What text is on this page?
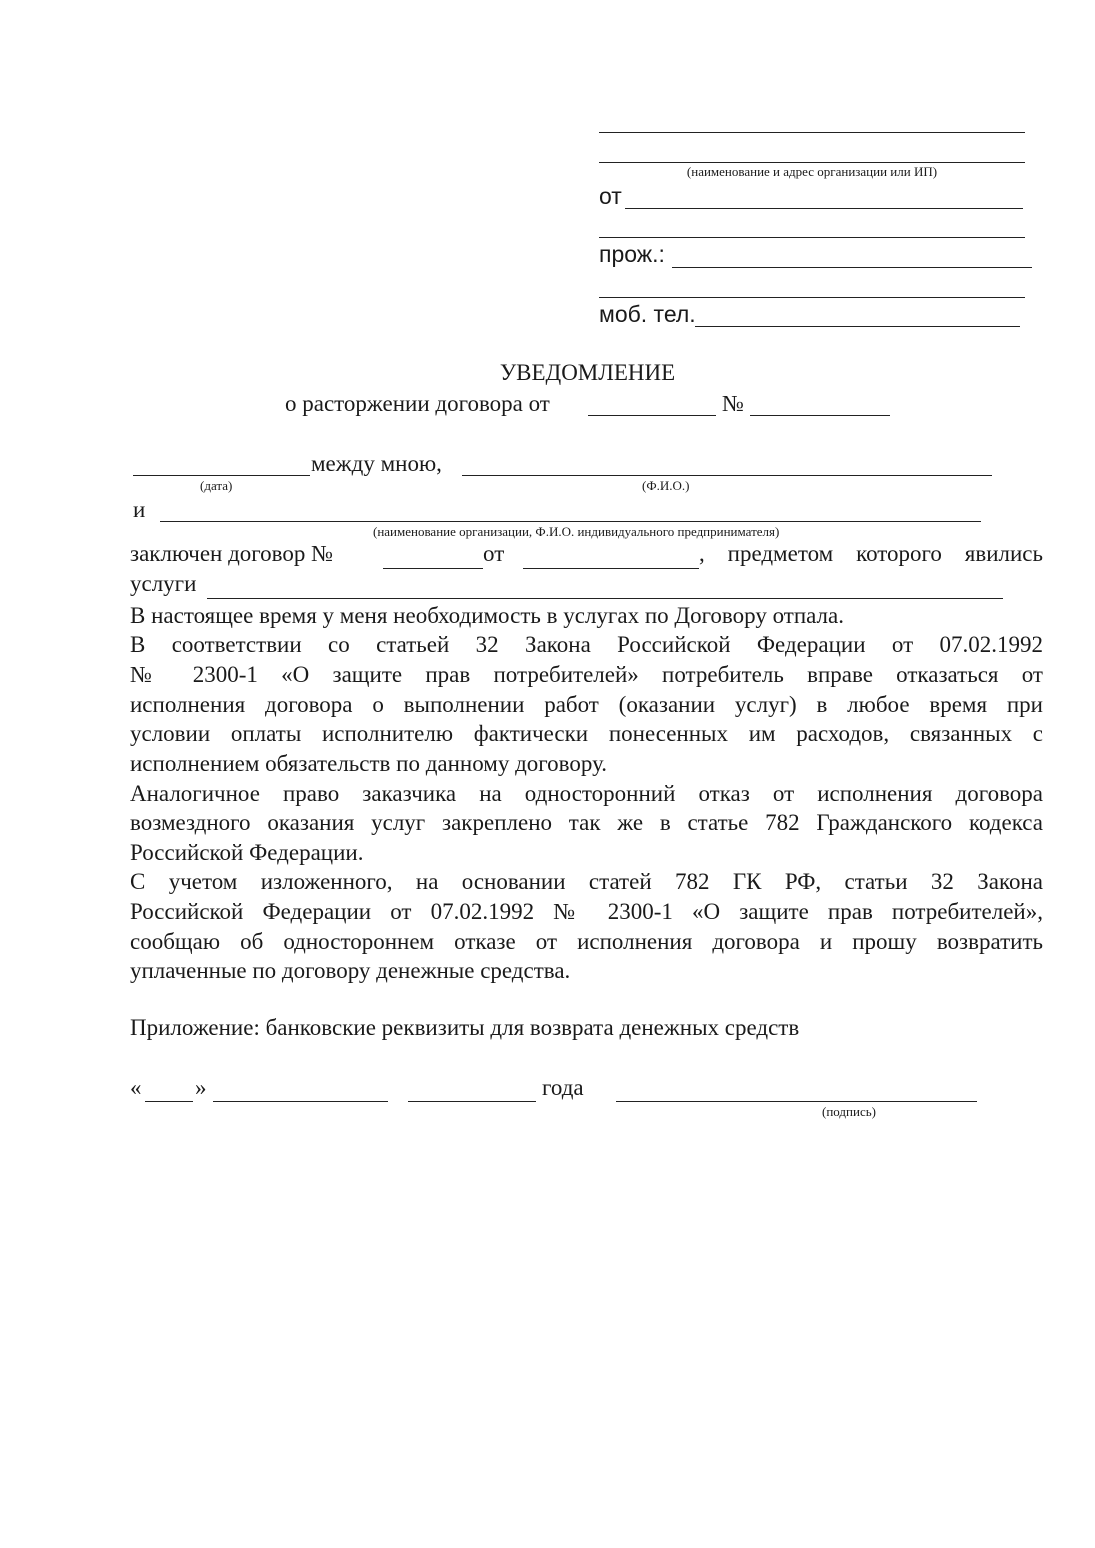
(наименование и адрес организации или ИП)
от
прож.:
моб. тел.
УВЕДОМЛЕНИЕ
о расторжении договора от	№
между мною,
(дата)	(Ф.И.О.)
и
(наименование организации, Ф.И.О. индивидуального предпринимателя)
заключен договор №	от	, предметом которого явились
услуги
В настоящее время у меня необходимость в услугах по Договору отпала.
В соответствии со статьей 32 Закона Российской Федерации от 07.02.1992
№ 2300-1 «О защите прав потребителей» потребитель вправе отказаться от
исполнения договора о выполнении работ (оказании услуг) в любое время при
условии оплаты исполнителю фактически понесенных им расходов, связанных с
исполнением обязательств по данному договору.
Аналогичное право заказчика на односторонний отказ от исполнения договора
возмездного оказания услуг закреплено так же в статье 782 Гражданского кодекса
Российской Федерации.
С учетом изложенного, на основании статей 782 ГК РФ, статьи 32 Закона
Российской Федерации от 07.02.1992 № 2300-1 «О защите прав потребителей»,
сообщаю об одностороннем отказе от исполнения договора и прошу возвратить
уплаченные по договору денежные средства.
Приложение: банковские реквизиты для возврата денежных средств
« »	года
(подпись)
